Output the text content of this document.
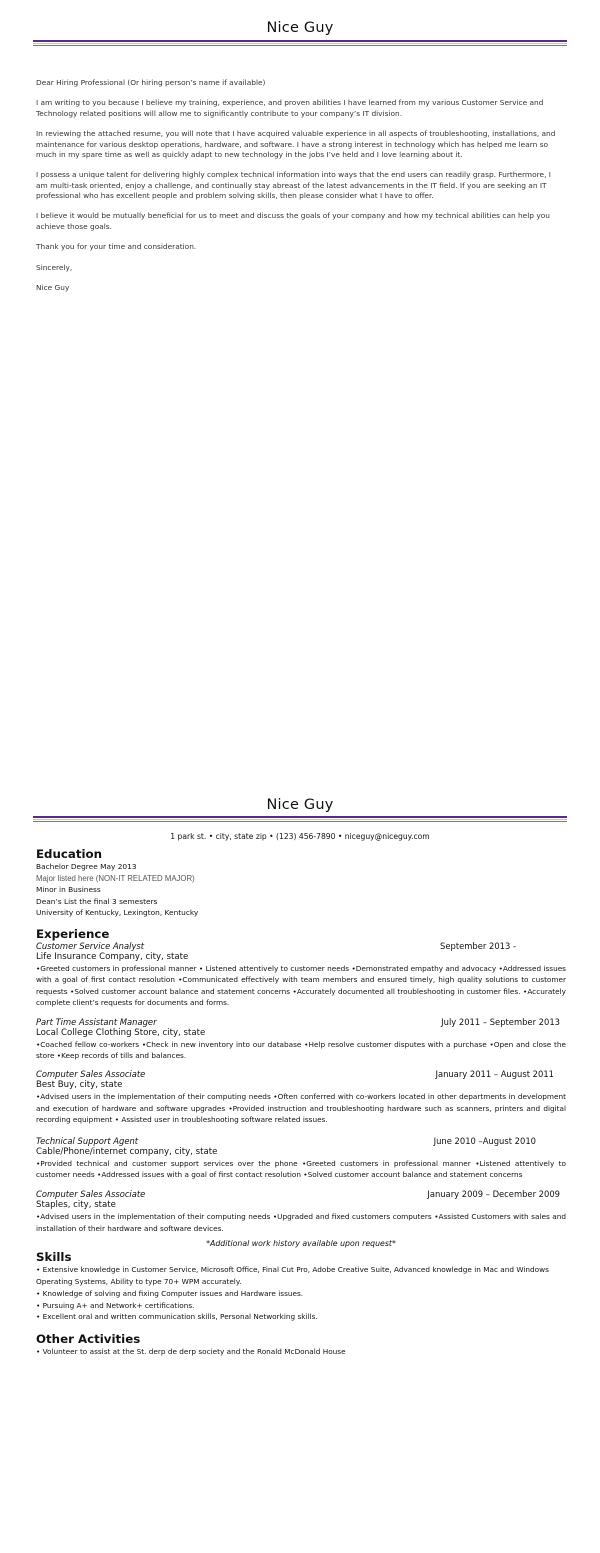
Nice Guy

Dear Hiring Professional (Or hiring person’s name if available)

I am writing to you because I believe my training, experience, and proven abilities I have learned from my various Customer Service and Technology related positions will allow me to significantly contribute to your company’s IT division.

In reviewing the attached resume, you will note that I have acquired valuable experience in all aspects of troubleshooting, installations, and maintenance for various desktop operations, hardware, and software. I have a strong interest in technology which has helped me learn so much in my spare time as well as quickly adapt to new technology in the jobs I’ve held and I love learning about it.

I possess a unique talent for delivering highly complex technical information into ways that the end users can readily grasp. Furthermore, I am multi-task oriented, enjoy a challenge, and continually stay abreast of the latest advancements in the IT field. If you are seeking an IT professional who has excellent people and problem solving skills, then please consider what I have to offer.

I believe it would be mutually beneficial for us to meet and discuss the goals of your company and how my technical abilities can help you achieve those goals.

Thank you for your time and consideration.

Sincerely,

Nice Guy

Nice Guy
1 park st. • city, state zip • (123) 456-7890 • niceguy@niceguy.com
Education
Bachelor Degree May 2013
Major listed here (NON-IT RELATED MAJOR)
Minor in Business
Dean’s List the final 3 semesters
University of Kentucky, Lexington, Kentucky
Experience
Customer Service Analyst	September 2013 -
Life Insurance Company, city, state
•Greeted customers in professional manner • Listened attentively to customer needs •Demonstrated empathy and advocacy •Addressed issues with a goal of first contact resolution •Communicated effectively with team members and ensured timely, high quality solutions to customer requests •Solved customer account balance and statement concerns •Accurately documented all troubleshooting in customer files. •Accurately complete client’s requests for documents and forms.
Part Time Assistant Manager	July 2011 – September 2013
Local College Clothing Store, city, state
•Coached fellow co-workers •Check in new inventory into our database •Help resolve customer disputes with a purchase •Open and close the store •Keep records of tills and balances.
Computer Sales Associate	January 2011 – August 2011
Best Buy, city, state
•Advised users in the implementation of their computing needs •Often conferred with co-workers located in other departments in development and execution of hardware and software upgrades •Provided instruction and troubleshooting hardware such as scanners, printers and digital recording equipment • Assisted user in troubleshooting software related issues.
Technical Support Agent	June 2010 –August 2010
Cable/Phone/internet company, city, state
•Provided technical and customer support services over the phone •Greeted customers in professional manner •Listened attentively to customer needs •Addressed issues with a goal of first contact resolution •Solved customer account balance and statement concerns
Computer Sales Associate	January 2009 – December 2009
Staples, city, state
•Advised users in the implementation of their computing needs •Upgraded and fixed customers computers •Assisted Customers with sales and installation of their hardware and software devices.
*Additional work history available upon request*
Skills
• Extensive knowledge in Customer Service, Microsoft Office, Final Cut Pro, Adobe Creative Suite, Advanced knowledge in Mac and Windows Operating Systems, Ability to type 70+ WPM accurately.
• Knowledge of solving and fixing Computer issues and Hardware issues.
• Pursuing A+ and Network+ certifications.
• Excellent oral and written communication skills, Personal Networking skills.
Other Activities
• Volunteer to assist at the St. derp de derp society and the Ronald McDonald House
